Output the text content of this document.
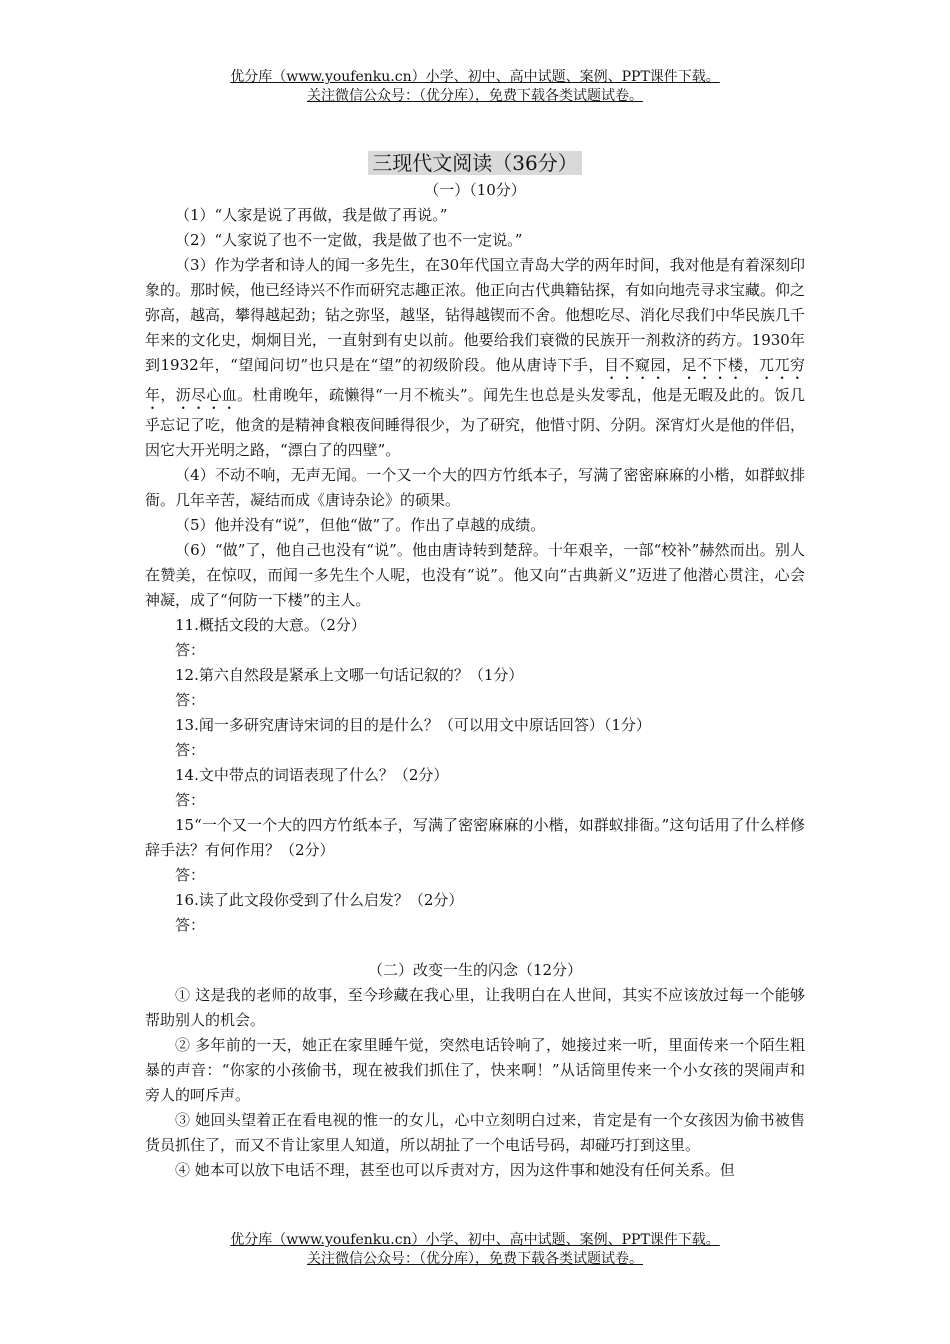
优分库（www.youfenku.cn）小学、初中、高中试题、案例、PPT课件下载。
关注微信公众号：（优分库），免费下载各类试题试卷。
三现代文阅读（36分）
（一）（10分）

（1）“人家是说了再做，我是做了再说。”

（2）“人家说了也不一定做，我是做了也不一定说。”

（3）作为学者和诗人的闻一多先生，在30年代国立青岛大学的两年时间，我对他是有着深刻印象的。那时候，他已经诗兴不作而研究志趣正浓。他正向古代典籍钻探，有如向地壳寻求宝藏。仰之弥高，越高，攀得越起劲；钻之弥坚，越坚，钻得越锲而不舍。他想吃尽、消化尽我们中华民族几千年来的文化史，炯炯目光，一直射到有史以前。他要给我们衰微的民族开一剂救济的药方。1930年到1932年，“望闻问切”也只是在“望”的初级阶段。他从唐诗下手，目不窥园，足不下楼，兀兀穷年，沥尽心血。杜甫晚年，疏懒得“一月不梳头”。闻先生也总是头发零乱，他是无暇及此的。饭几乎忘记了吃，他贪的是精神食粮夜间睡得很少，为了研究，他惜寸阴、分阴。深宵灯火是他的伴侣，因它大开光明之路，“漂白了的四壁”。

（4）不动不响，无声无闻。一个又一个大的四方竹纸本子，写满了密密麻麻的小楷，如群蚁排衙。几年辛苦，凝结而成《唐诗杂论》的硕果。

（5）他并没有“说”，但他“做”了。作出了卓越的成绩。

（6）“做”了，他自己也没有“说”。他由唐诗转到楚辞。十年艰辛，一部“校补”赫然而出。别人在赞美，在惊叹，而闻一多先生个人呢，也没有“说”。他又向“古典新义”迈进了他潜心贯注，心会神凝，成了“何防一下楼”的主人。

11.概括文段的大意。（2分）

答：

12.第六自然段是紧承上文哪一句话记叙的？（1分）

答：

13.闻一多研究唐诗宋词的目的是什么？（可以用文中原话回答）（1分）

答：

14.文中带点的词语表现了什么？（2分）

答：

15“一个又一个大的四方竹纸本子，写满了密密麻麻的小楷，如群蚁排衙。”这句话用了什么样修辞手法？有何作用？（2分）

答：

16.读了此文段你受到了什么启发？（2分）

答：

（二）改变一生的闪念（12分）

① 这是我的老师的故事，至今珍藏在我心里，让我明白在人世间，其实不应该放过每一个能够帮助别人的机会。

② 多年前的一天，她正在家里睡午觉，突然电话铃响了，她接过来一听，里面传来一个陌生粗暴的声音：“你家的小孩偷书，现在被我们抓住了，快来啊！”从话筒里传来一个小女孩的哭闹声和旁人的呵斥声。

③ 她回头望着正在看电视的惟一的女儿，心中立刻明白过来，肯定是有一个女孩因为偷书被售货员抓住了，而又不肯让家里人知道，所以胡扯了一个电话号码，却碰巧打到这里。

④ 她本可以放下电话不理，甚至也可以斥责对方，因为这件事和她没有任何关系。但

优分库（www.youfenku.cn）小学、初中、高中试题、案例、PPT课件下载。
关注微信公众号：（优分库），免费下载各类试题试卷。
